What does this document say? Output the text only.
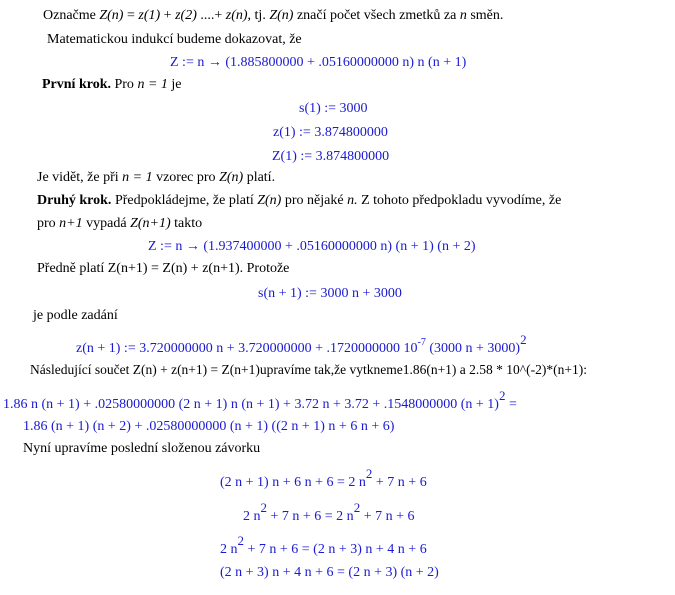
Označme Z(n) = z(1) + z(2) ....+ z(n), tj. Z(n) značí počet všech zmetků za n směn.
Matematickou indukcí budeme dokazovat, že
Z := n → (1.885800000 + .05160000000 n) n (n + 1)
První krok. Pro n = 1 je
s(1) := 3000
z(1) := 3.874800000
Z(1) := 3.874800000
Je vidět, že při n = 1 vzorec pro Z(n) platí.
Druhý krok. Předpokládejme, že platí Z(n) pro nějaké n. Z tohoto předpokladu vyvodíme, že
pro n+1 vypadá Z(n+1) takto
Z := n → (1.937400000 + .05160000000 n) (n + 1) (n + 2)
Předně platí Z(n+1) = Z(n) + z(n+1). Protože
s(n + 1) := 3000 n + 3000
je podle zadání
z(n + 1) := 3.720000000 n + 3.720000000 + .1720000000 $10^{-7}$ (3000 n + 3000)$^2$
Následující součet Z(n) + z(n+1) = Z(n+1)upravíme tak,že vytkneme1.86(n+1) a 2.58 * 10^(-2)*(n+1):
1.86 n (n + 1) + .02580000000 (2 n + 1) n (n + 1) + 3.72 n + 3.72 + .1548000000 $(n + 1)^2$ =
1.86 (n + 1) (n + 2) + .02580000000 (n + 1) ((2 n + 1) n + 6 n + 6)
Nyní upravíme poslední složenou závorku
(2 n + 1) n + 6 n + 6 = 2 $n^2 + 7$ n + 6
2 $n^2 + 7$ n + 6 = 2 $n^2 + 7$ n + 6
2 $n^2 + 7$ n + 6 = (2 n + 3) n + 4 n + 6
(2 n + 3) n + 4 n + 6 = (2 n + 3) (n + 2)
